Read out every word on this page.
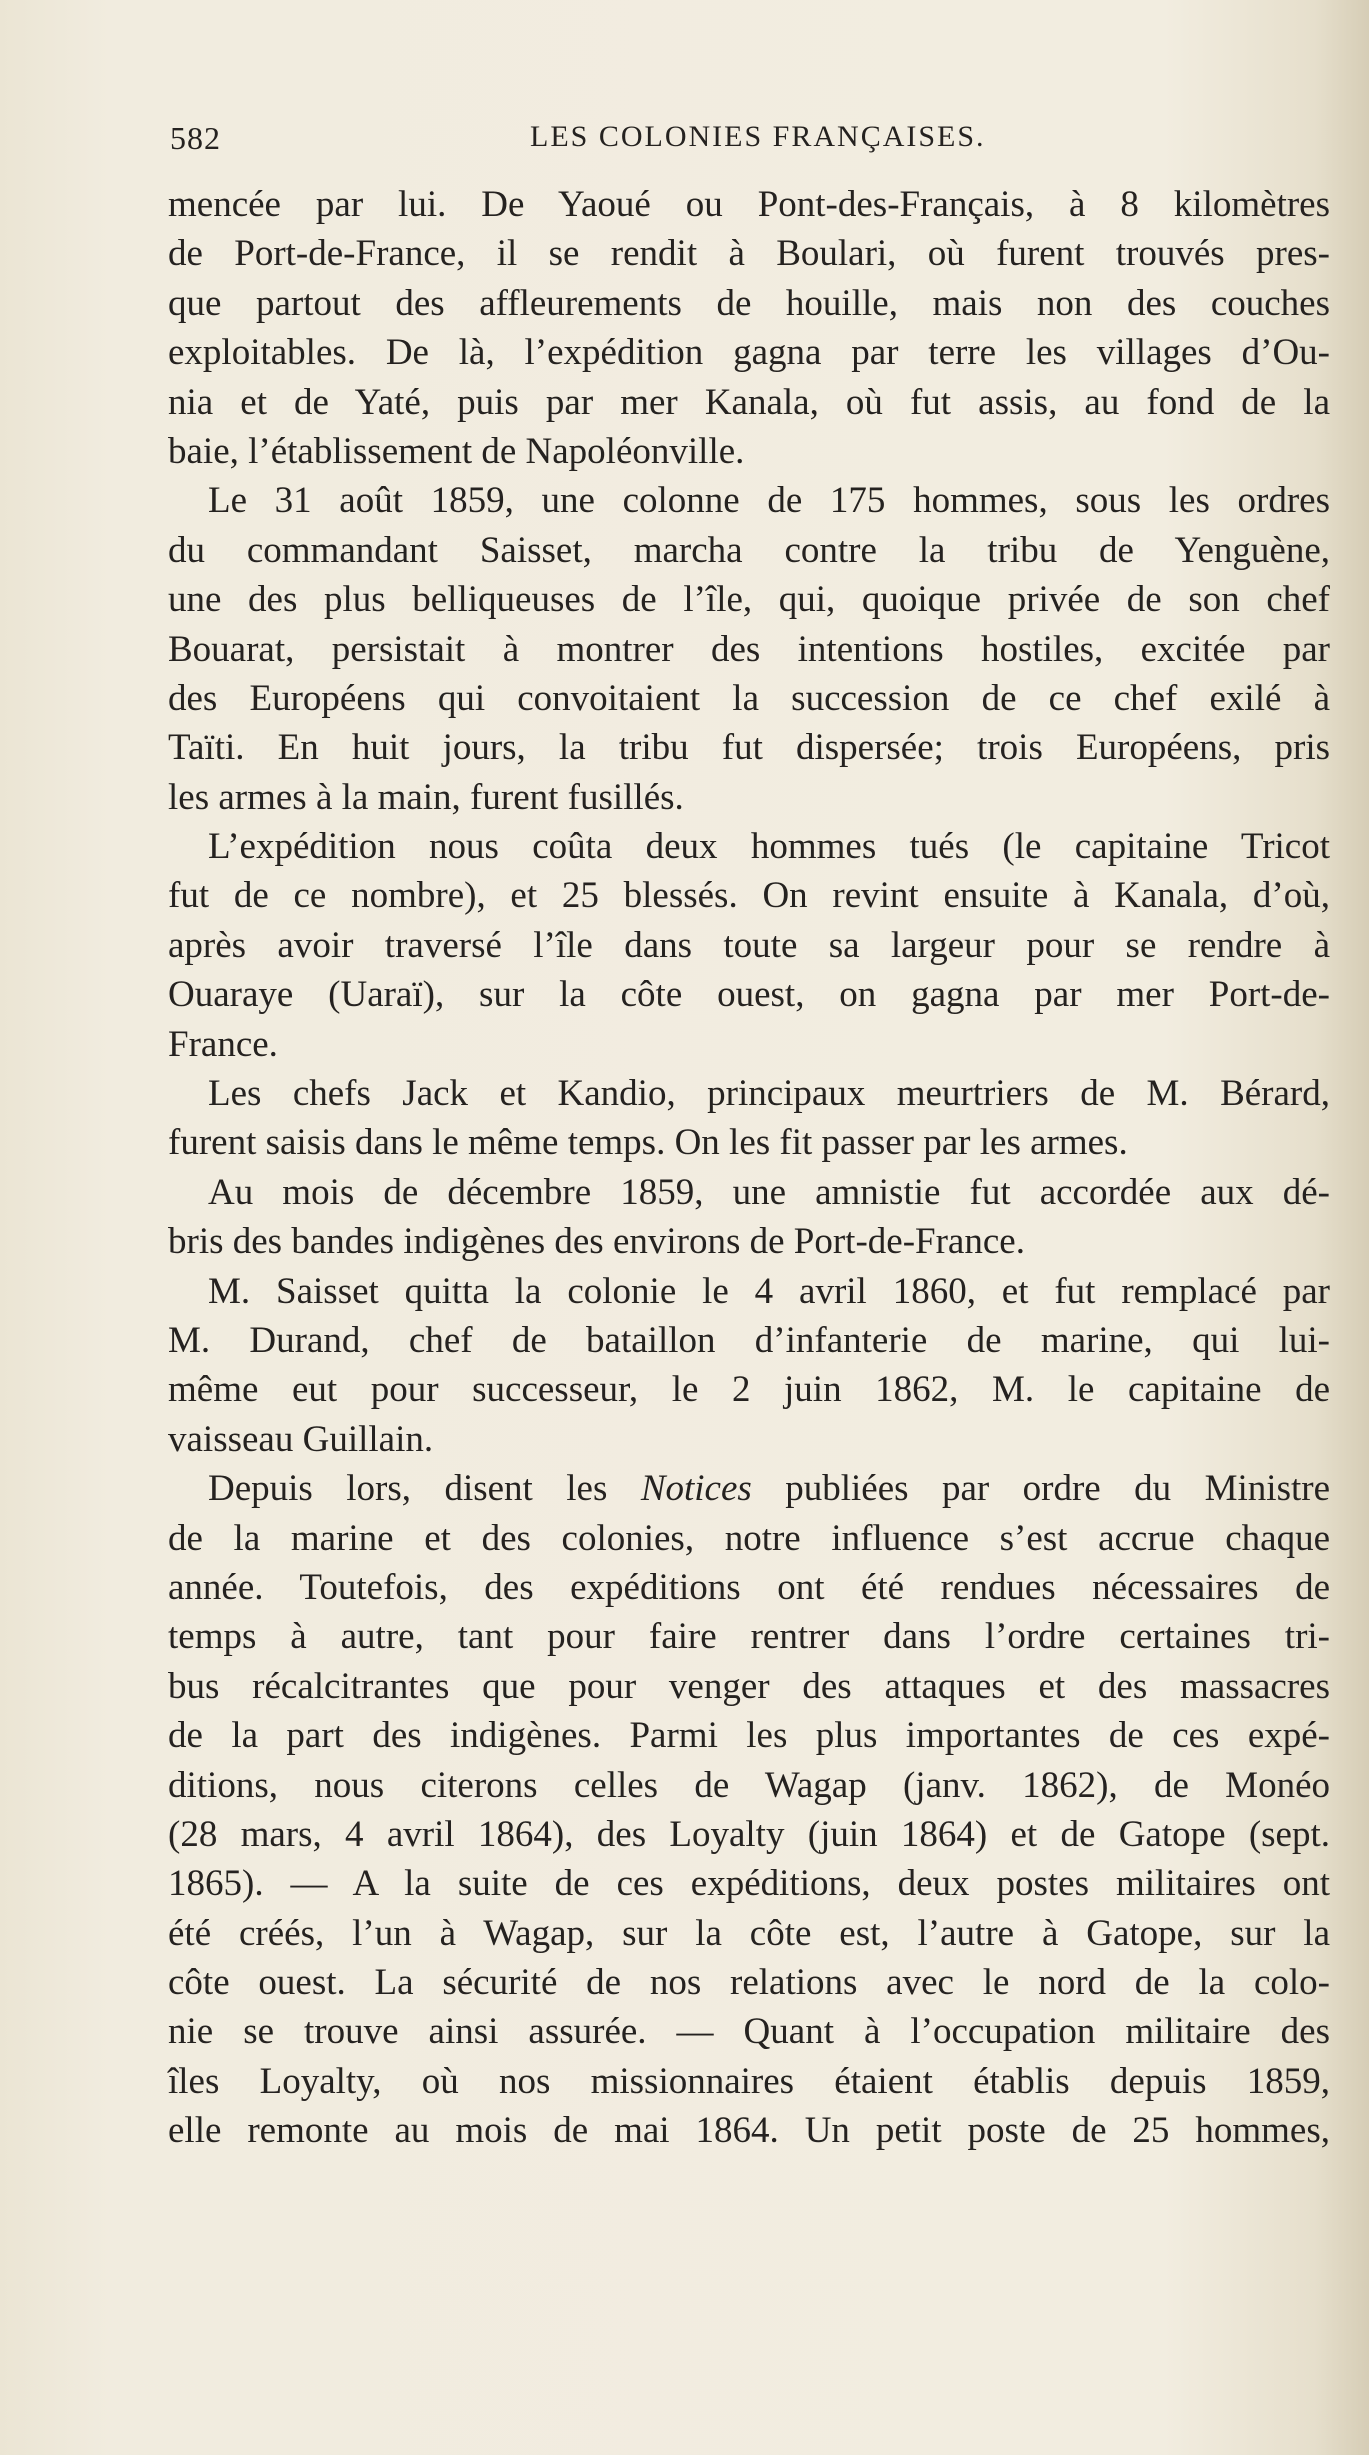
582	LES COLONIES FRANÇAISES.
mencée par lui. De Yaoué ou Pont-des-Français, à 8 kilomètres
de Port-de-France, il se rendit à Boulari, où furent trouvés pres-
que partout des affleurements de houille, mais non des couches
exploitables. De là, l’expédition gagna par terre les villages d’Ou-
nia et de Yaté, puis par mer Kanala, où fut assis, au fond de la
baie, l’établissement de Napoléonville.
Le 31 août 1859, une colonne de 175 hommes, sous les ordres
du commandant Saisset, marcha contre la tribu de Yenguène,
une des plus belliqueuses de l’île, qui, quoique privée de son chef
Bouarat, persistait à montrer des intentions hostiles, excitée par
des Européens qui convoitaient la succession de ce chef exilé à
Taïti. En huit jours, la tribu fut dispersée; trois Européens, pris
les armes à la main, furent fusillés.
L’expédition nous coûta deux hommes tués (le capitaine Tricot
fut de ce nombre), et 25 blessés. On revint ensuite à Kanala, d’où,
après avoir traversé l’île dans toute sa largeur pour se rendre à
Ouaraye (Uaraï), sur la côte ouest, on gagna par mer Port-de-
France.
Les chefs Jack et Kandio, principaux meurtriers de M. Bérard,
furent saisis dans le même temps. On les fit passer par les armes.
Au mois de décembre 1859, une amnistie fut accordée aux dé-
bris des bandes indigènes des environs de Port-de-France.
M. Saisset quitta la colonie le 4 avril 1860, et fut remplacé par
M. Durand, chef de bataillon d’infanterie de marine, qui lui-
même eut pour successeur, le 2 juin 1862, M. le capitaine de
vaisseau Guillain.
Depuis lors, disent les Notices publiées par ordre du Ministre
de la marine et des colonies, notre influence s’est accrue chaque
année. Toutefois, des expéditions ont été rendues nécessaires de
temps à autre, tant pour faire rentrer dans l’ordre certaines tri-
bus récalcitrantes que pour venger des attaques et des massacres
de la part des indigènes. Parmi les plus importantes de ces expé-
ditions, nous citerons celles de Wagap (janv. 1862), de Monéo
(28 mars, 4 avril 1864), des Loyalty (juin 1864) et de Gatope (sept.
1865). — A la suite de ces expéditions, deux postes militaires ont
été créés, l’un à Wagap, sur la côte est, l’autre à Gatope, sur la
côte ouest. La sécurité de nos relations avec le nord de la colo-
nie se trouve ainsi assurée. — Quant à l’occupation militaire des
îles Loyalty, où nos missionnaires étaient établis depuis 1859,
elle remonte au mois de mai 1864. Un petit poste de 25 hommes,
